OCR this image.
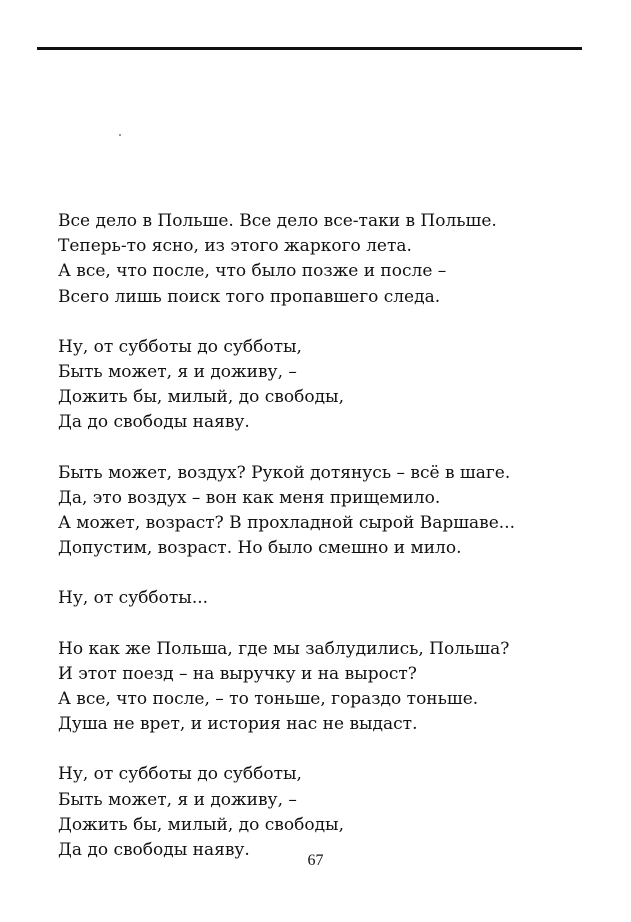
Все дело в Польше. Все дело все-таки в Польше.
Теперь-то ясно, из этого жаркого лета.
А все, что после, что было позже и после –
Всего лишь поиск того пропавшего следа.
Ну, от субботы до субботы,
Быть может, я и доживу, –
Дожить бы, милый, до свободы,
Да до свободы наяву.
Быть может, воздух? Рукой дотянусь – всё в шаге.
Да, это воздух – вон как меня прищемило.
А может, возраст? В прохладной сырой Варшаве...
Допустим, возраст. Но было смешно и мило.
Ну, от субботы...
Но как же Польша, где мы заблудились, Польша?
И этот поезд – на выручку и на вырост?
А все, что после, – то тоньше, гораздо тоньше.
Душа не врет, и история нас не выдаст.
Ну, от субботы до субботы,
Быть может, я и доживу, –
Дожить бы, милый, до свободы,
Да до свободы наяву.
67
